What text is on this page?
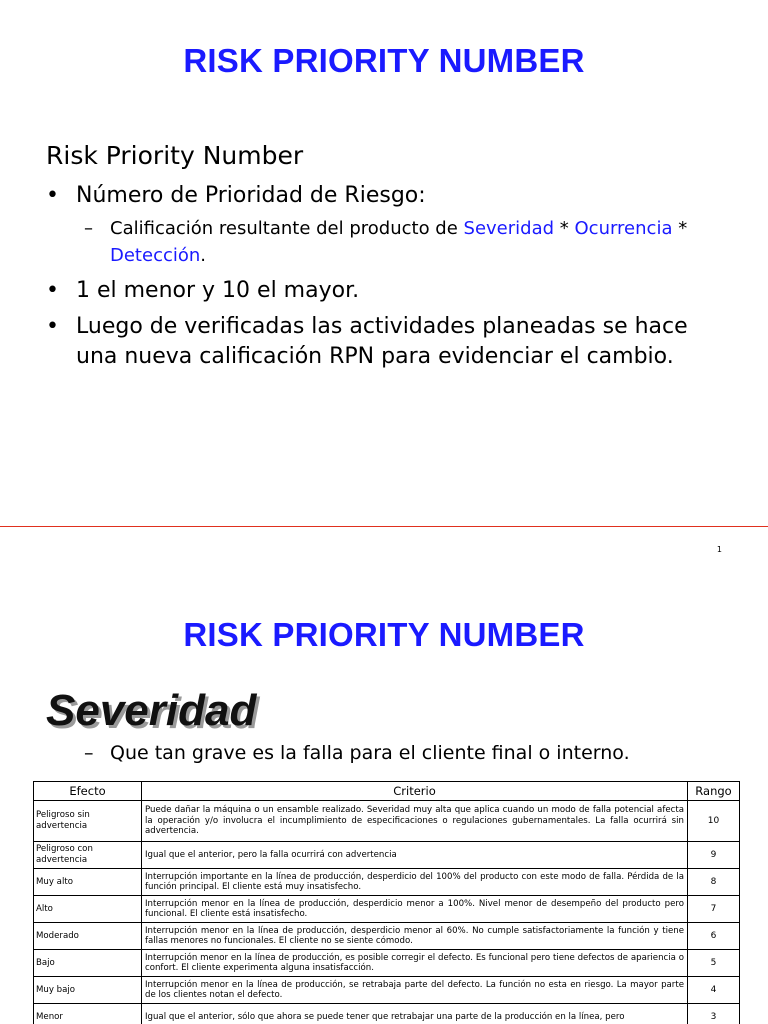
RISK PRIORITY NUMBER
Risk Priority Number
• Número de Prioridad de Riesgo:
– Calificación resultante del producto de Severidad * Ocurrencia *
Detección.
• 1 el menor y 10 el mayor.
• Luego de verificadas las actividades planeadas se hace
una nueva calificación RPN para evidenciar el cambio.
1
RISK PRIORITY NUMBER
Severidad
– Que tan grave es la falla para el cliente final o interno.
Efecto	Criterio	Rango
Peligroso sin advertencia	Puede dañar la máquina o un ensamble realizado. Severidad muy alta que aplica cuando un modo de falla potencial afecta la operación y/o involucra el incumplimiento de especificaciones o regulaciones gubernamentales. La falla ocurrirá sin advertencia.	10
Peligroso con advertencia	Igual que el anterior, pero la falla ocurrirá con advertencia	9
Muy alto	Interrupción importante en la línea de producción, desperdicio del 100% del producto con este modo de falla. Pérdida de la función principal. El cliente está muy insatisfecho.	8
Alto	Interrupción menor en la línea de producción, desperdicio menor a 100%. Nivel menor de desempeño del producto pero funcional. El cliente está insatisfecho.	7
Moderado	Interrupción menor en la línea de producción, desperdicio menor al 60%. No cumple satisfactoriamente la función y tiene fallas menores no funcionales. El cliente no se siente cómodo.	6
Bajo	Interrupción menor en la línea de producción, es posible corregir el defecto. Es funcional pero tiene defectos de apariencia o confort. El cliente experimenta alguna insatisfacción.	5
Muy bajo	Interrupción menor en la línea de producción, se retrabaja parte del defecto. La función no esta en riesgo. La mayor parte de los clientes notan el defecto.	4
Menor	Igual que el anterior, sólo que ahora se puede tener que retrabajar una parte de la producción en la línea, pero	3
